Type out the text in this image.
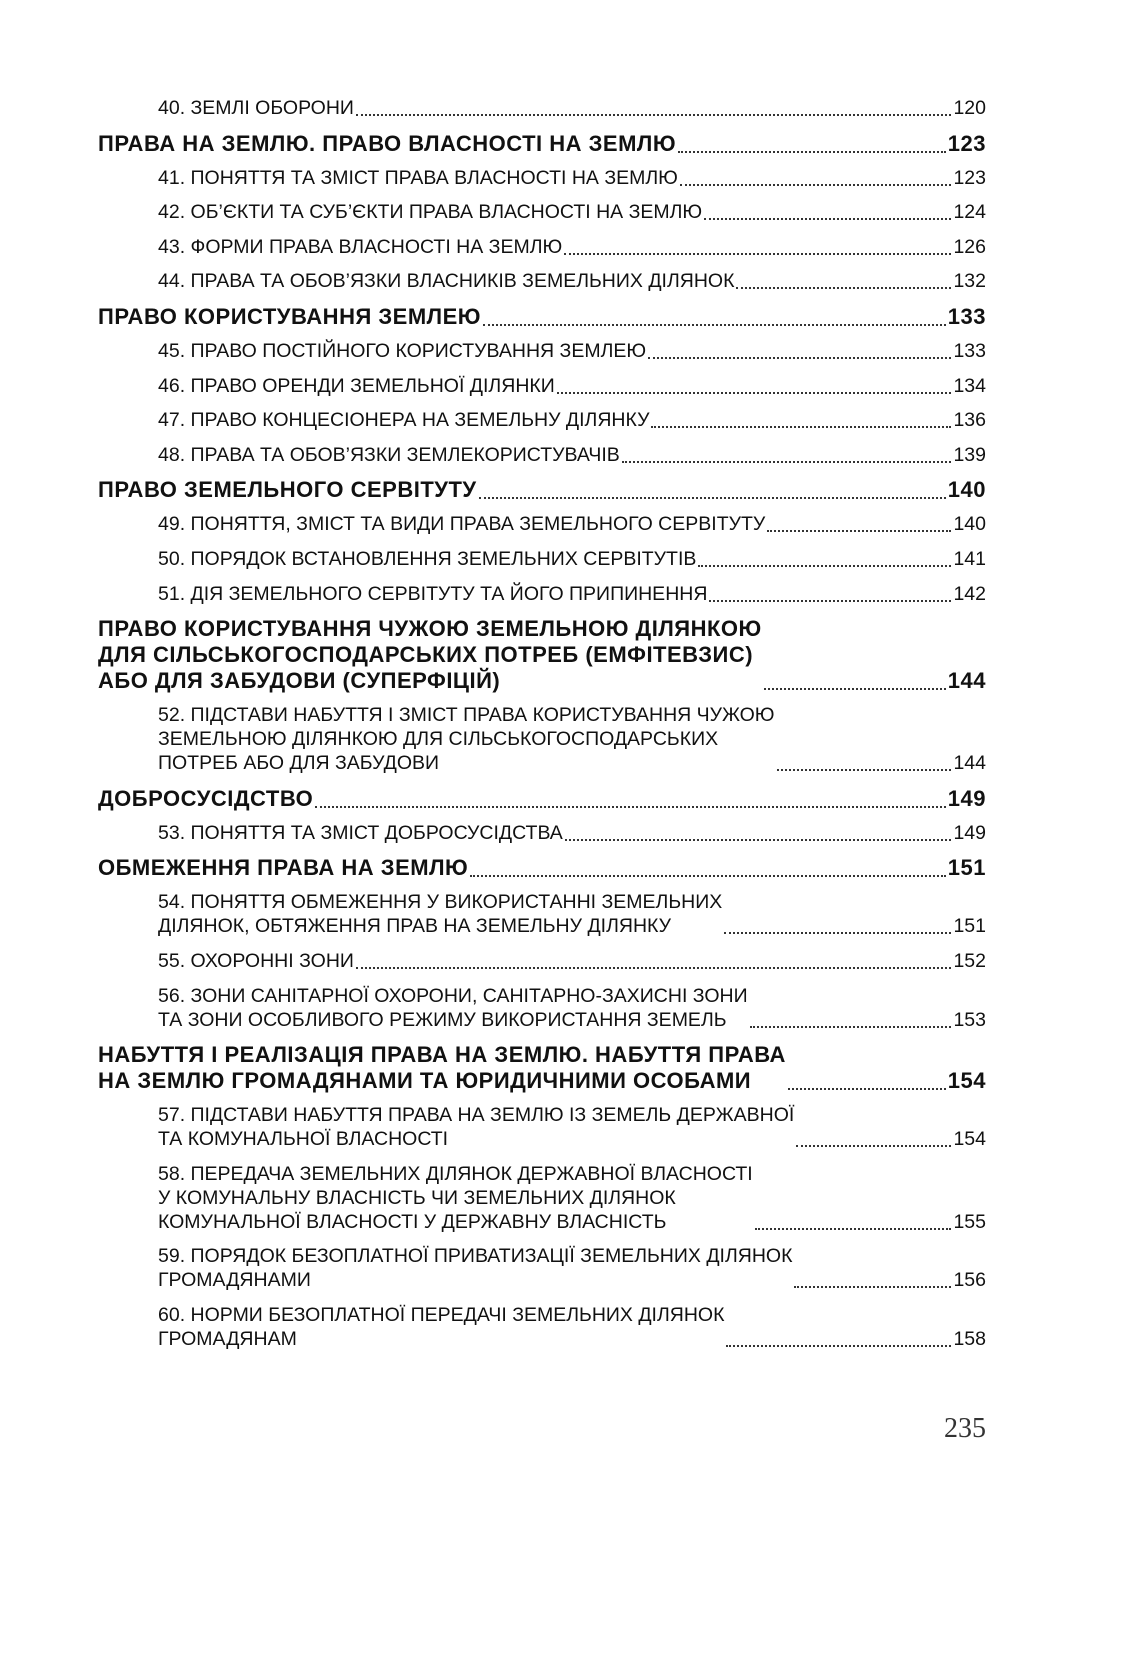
40. ЗЕМЛІ ОБОРОНИ	120
ПРАВА НА ЗЕМЛЮ. ПРАВО ВЛАСНОСТІ НА ЗЕМЛЮ	123
41. ПОНЯТТЯ ТА ЗМІСТ ПРАВА ВЛАСНОСТІ НА ЗЕМЛЮ	123
42. ОБ’ЄКТИ ТА СУБ’ЄКТИ ПРАВА ВЛАСНОСТІ НА ЗЕМЛЮ	124
43. ФОРМИ ПРАВА ВЛАСНОСТІ НА ЗЕМЛЮ	126
44. ПРАВА ТА ОБОВ’ЯЗКИ ВЛАСНИКІВ ЗЕМЕЛЬНИХ ДІЛЯНОК	132
ПРАВО КОРИСТУВАННЯ ЗЕМЛЕЮ	133
45. ПРАВО ПОСТІЙНОГО КОРИСТУВАННЯ ЗЕМЛЕЮ	133
46. ПРАВО ОРЕНДИ ЗЕМЕЛЬНОЇ ДІЛЯНКИ	134
47. ПРАВО КОНЦЕСІОНЕРА НА ЗЕМЕЛЬНУ ДІЛЯНКУ	136
48. ПРАВА ТА ОБОВ’ЯЗКИ ЗЕМЛЕКОРИСТУВАЧІВ	139
ПРАВО ЗЕМЕЛЬНОГО СЕРВІТУТУ	140
49. ПОНЯТТЯ, ЗМІСТ ТА ВИДИ ПРАВА ЗЕМЕЛЬНОГО СЕРВІТУТУ	140
50. ПОРЯДОК ВСТАНОВЛЕННЯ ЗЕМЕЛЬНИХ СЕРВІТУТІВ	141
51. ДІЯ ЗЕМЕЛЬНОГО СЕРВІТУТУ ТА ЙОГО ПРИПИНЕННЯ	142
ПРАВО КОРИСТУВАННЯ ЧУЖОЮ ЗЕМЕЛЬНОЮ ДІЛЯНКОЮ
ДЛЯ СІЛЬСЬКОГОСПОДАРСЬКИХ ПОТРЕБ (ЕМФІТЕВЗИС)
АБО ДЛЯ ЗАБУДОВИ (СУПЕРФІЦІЙ)	144
52. ПІДСТАВИ НАБУТТЯ І ЗМІСТ ПРАВА КОРИСТУВАННЯ ЧУЖОЮ
ЗЕМЕЛЬНОЮ ДІЛЯНКОЮ ДЛЯ СІЛЬСЬКОГОСПОДАРСЬКИХ
ПОТРЕБ АБО ДЛЯ ЗАБУДОВИ	144
ДОБРОСУСІДСТВО	149
53. ПОНЯТТЯ ТА ЗМІСТ ДОБРОСУСІДСТВА	149
ОБМЕЖЕННЯ ПРАВА НА ЗЕМЛЮ	151
54. ПОНЯТТЯ ОБМЕЖЕННЯ У ВИКОРИСТАННІ ЗЕМЕЛЬНИХ
ДІЛЯНОК, ОБТЯЖЕННЯ ПРАВ НА ЗЕМЕЛЬНУ ДІЛЯНКУ	151
55. ОХОРОННІ ЗОНИ	152
56. ЗОНИ САНІТАРНОЇ ОХОРОНИ, САНІТАРНО-ЗАХИСНІ ЗОНИ
ТА ЗОНИ ОСОБЛИВОГО РЕЖИМУ ВИКОРИСТАННЯ ЗЕМЕЛЬ	153
НАБУТТЯ І РЕАЛІЗАЦІЯ ПРАВА НА ЗЕМЛЮ. НАБУТТЯ ПРАВА
НА ЗЕМЛЮ ГРОМАДЯНАМИ ТА ЮРИДИЧНИМИ ОСОБАМИ	154
57. ПІДСТАВИ НАБУТТЯ ПРАВА НА ЗЕМЛЮ ІЗ ЗЕМЕЛЬ ДЕРЖАВНОЇ
ТА КОМУНАЛЬНОЇ ВЛАСНОСТІ	154
58. ПЕРЕДАЧА ЗЕМЕЛЬНИХ ДІЛЯНОК ДЕРЖАВНОЇ ВЛАСНОСТІ
У КОМУНАЛЬНУ ВЛАСНІСТЬ ЧИ ЗЕМЕЛЬНИХ ДІЛЯНОК
КОМУНАЛЬНОЇ ВЛАСНОСТІ У ДЕРЖАВНУ ВЛАСНІСТЬ	155
59. ПОРЯДОК БЕЗОПЛАТНОЇ ПРИВАТИЗАЦІЇ ЗЕМЕЛЬНИХ ДІЛЯНОК
ГРОМАДЯНАМИ	156
60. НОРМИ БЕЗОПЛАТНОЇ ПЕРЕДАЧІ ЗЕМЕЛЬНИХ ДІЛЯНОК
ГРОМАДЯНАМ	158
235
